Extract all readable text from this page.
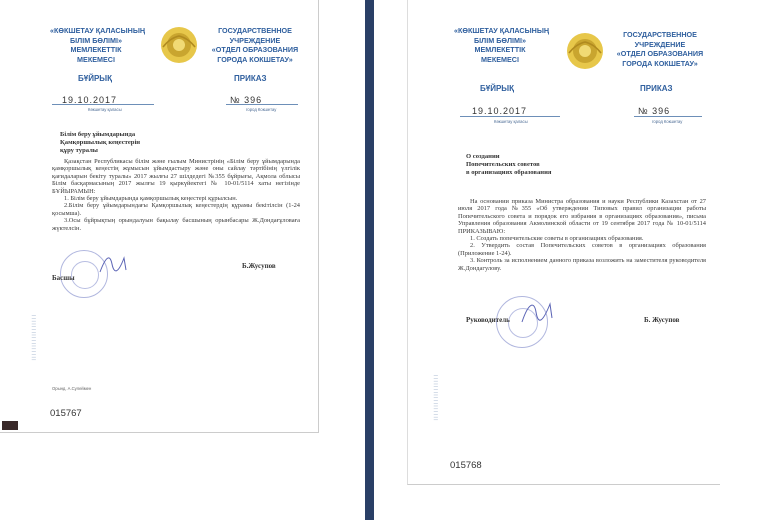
«КӨКШЕТАУ ҚАЛАСЫНЫҢ
БІЛІМ БӨЛІМІ»
МЕМЛЕКЕТТІК
МЕКЕМЕСІ
ГОСУДАРСТВЕННОЕ
УЧРЕЖДЕНИЕ
«ОТДЕЛ ОБРАЗОВАНИЯ
ГОРОДА КОКШЕТАУ»
БҰЙРЫҚ	ПРИКАЗ
19.10.2017	№ 396
Көкшетау қаласы	город Кокшетау
Білім беру ұйымдарында
Қамқоршылық кеңестерін
құру туралы

Қазақстан Республикасы білім және ғылым Министрінің «Білім беру ұйымдарында қамқоршылық кеңестің жұмысын ұйымдастыру және оны сайлау тәртібінің үлгілік қағидаларын бекіту туралы» 2017 жылғы 27 шілдедегі №355 бұйрығы, Ақмола облысы Білім басқармасының 2017 жылғы 19 қыркүйектегі № 10-01/5114 хаты негізінде БҰЙЫРАМЫН:

1. Білім беру ұйымдарында қамқоршылық кеңестері құрылсын.

2.Білім беру ұйымдарындағы Қамқоршылық кеңестердің құрамы бекітілсін (1-24 қосымша).

3.Осы бұйрықтың орындалуын бақылау басшының орынбасары Ж.Дондағұловаға жүктелсін.

Басшы
Б.Жусупов
Орынд. А.Сулеймен
015767
▏▏▏▏▏▏▏▏▏▏▏▏▏▏▏▏▏
«КӨКШЕТАУ ҚАЛАСЫНЫҢ
БІЛІМ БӨЛІМІ»
МЕМЛЕКЕТТІК
МЕКЕМЕСІ
ГОСУДАРСТВЕННОЕ
УЧРЕЖДЕНИЕ
«ОТДЕЛ ОБРАЗОВАНИЯ
ГОРОДА КОКШЕТАУ»
БҰЙРЫҚ	ПРИКАЗ
19.10.2017	№ 396
Көкшетау қаласы	город Кокшетау
О создании
Попечительских советов
в организациях образования

На основании приказа Министра образования и науки Республики Казахстан от 27 июля 2017 года №355 «Об утверждении Типовых правил организации работы Попечительского совета и порядок его избрания в организациях образования», письма Управления образования Акмолинской области от 19 сентября 2017 года № 10-01/5114 ПРИКАЗЫВАЮ:

1. Создать попечительские советы в организациях образования.

2. Утвердить состав Попечительских советов в организациях образования (Приложение 1-24).

3. Контроль за исполнением данного приказа возложить на заместителя руководителя Ж.Дондагулову.

Руководитель	Б. Жусупов
015768
▏▏▏▏▏▏▏▏▏▏▏▏▏▏▏▏▏
